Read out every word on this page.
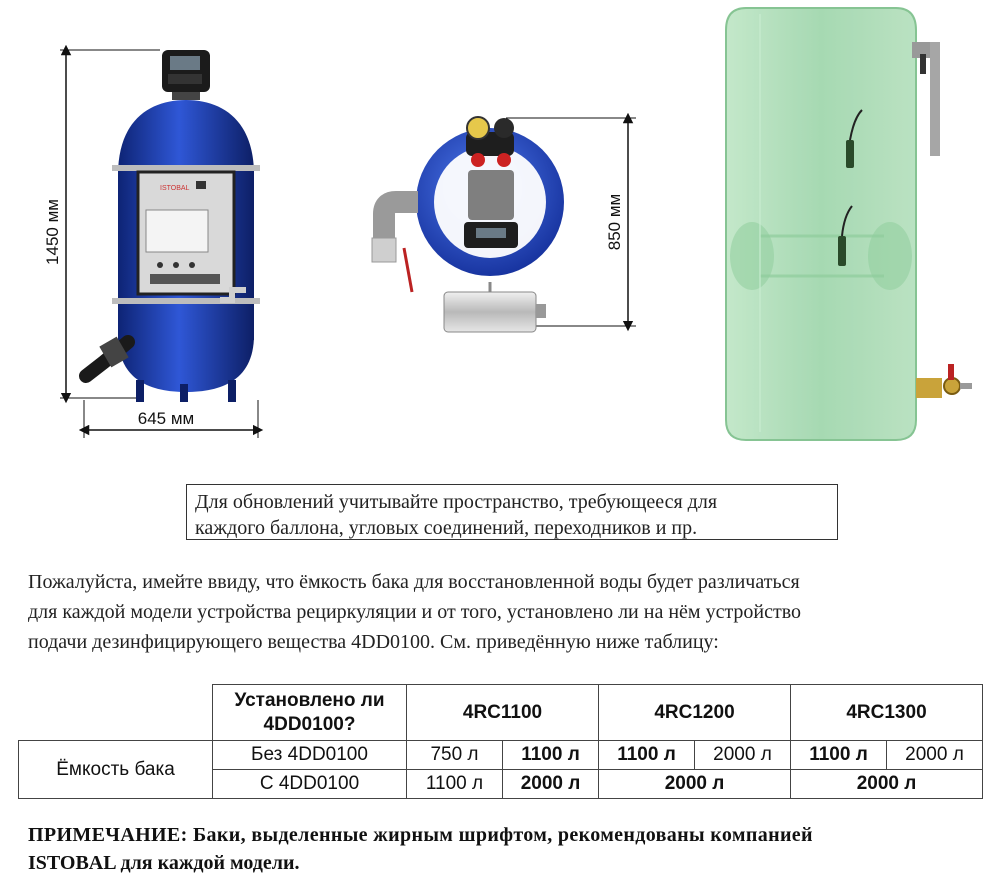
1450 мм
645 мм
ISTOBAL
850 мм
Для обновлений учитывайте пространство, требующееся для
каждого баллона, угловых соединений, переходников и пр.
Пожалуйста, имейте ввиду, что ёмкость бака для восстановленной воды будет различаться
для каждой модели устройства рециркуляции и от того, установлено ли на нём устройство
подачи дезинфицирующего вещества 4DD0100. См. приведённую ниже таблицу:
	Установлено ли 4DD0100?	4RC1100		4RC1200		4RC1300	
Ёмкость бака	Без 4DD0100	750 л	1100 л	1100 л	2000 л	1100 л	2000 л
	С 4DD0100	1100 л	2000 л	2000 л		2000 л	
ПРИМЕЧАНИЕ: Баки, выделенные жирным шрифтом, рекомендованы компанией
ISTOBAL для каждой модели.
